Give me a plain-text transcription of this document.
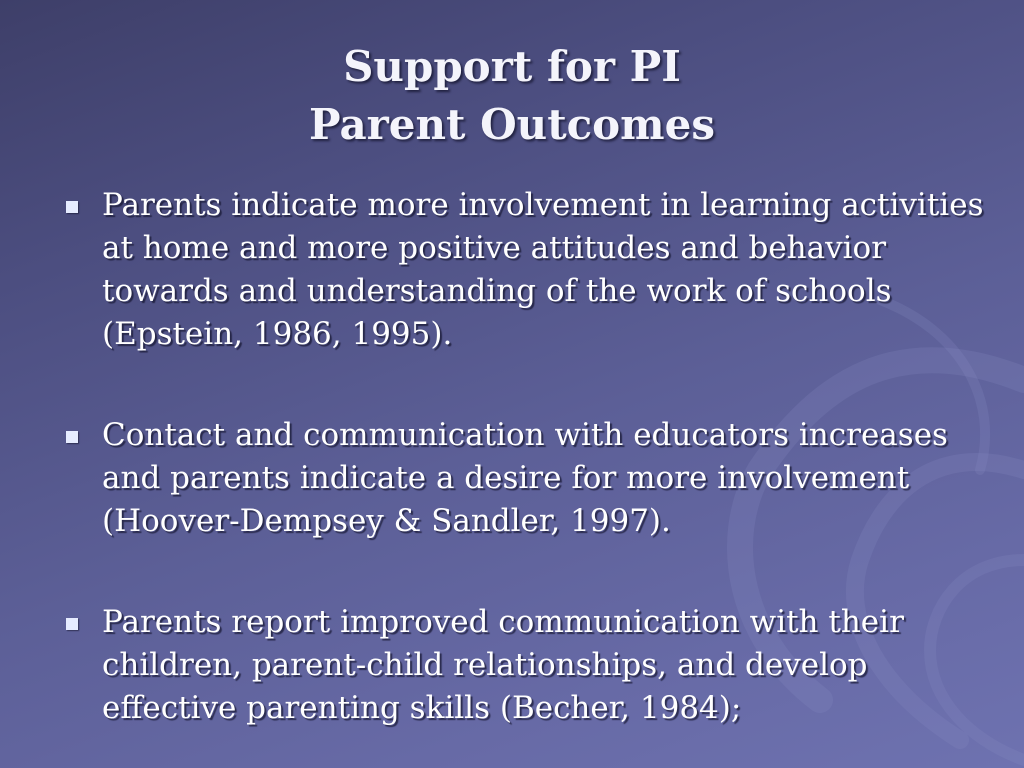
Support for PI
Parent Outcomes
Parents indicate more involvement in learning activities at home and more positive attitudes and behavior towards and understanding of the work of schools (Epstein, 1986, 1995).
Contact and communication with educators increases and parents indicate a desire for more involvement (Hoover-Dempsey & Sandler, 1997).
Parents report improved communication with their children, parent-child relationships, and develop effective parenting skills (Becher, 1984);
